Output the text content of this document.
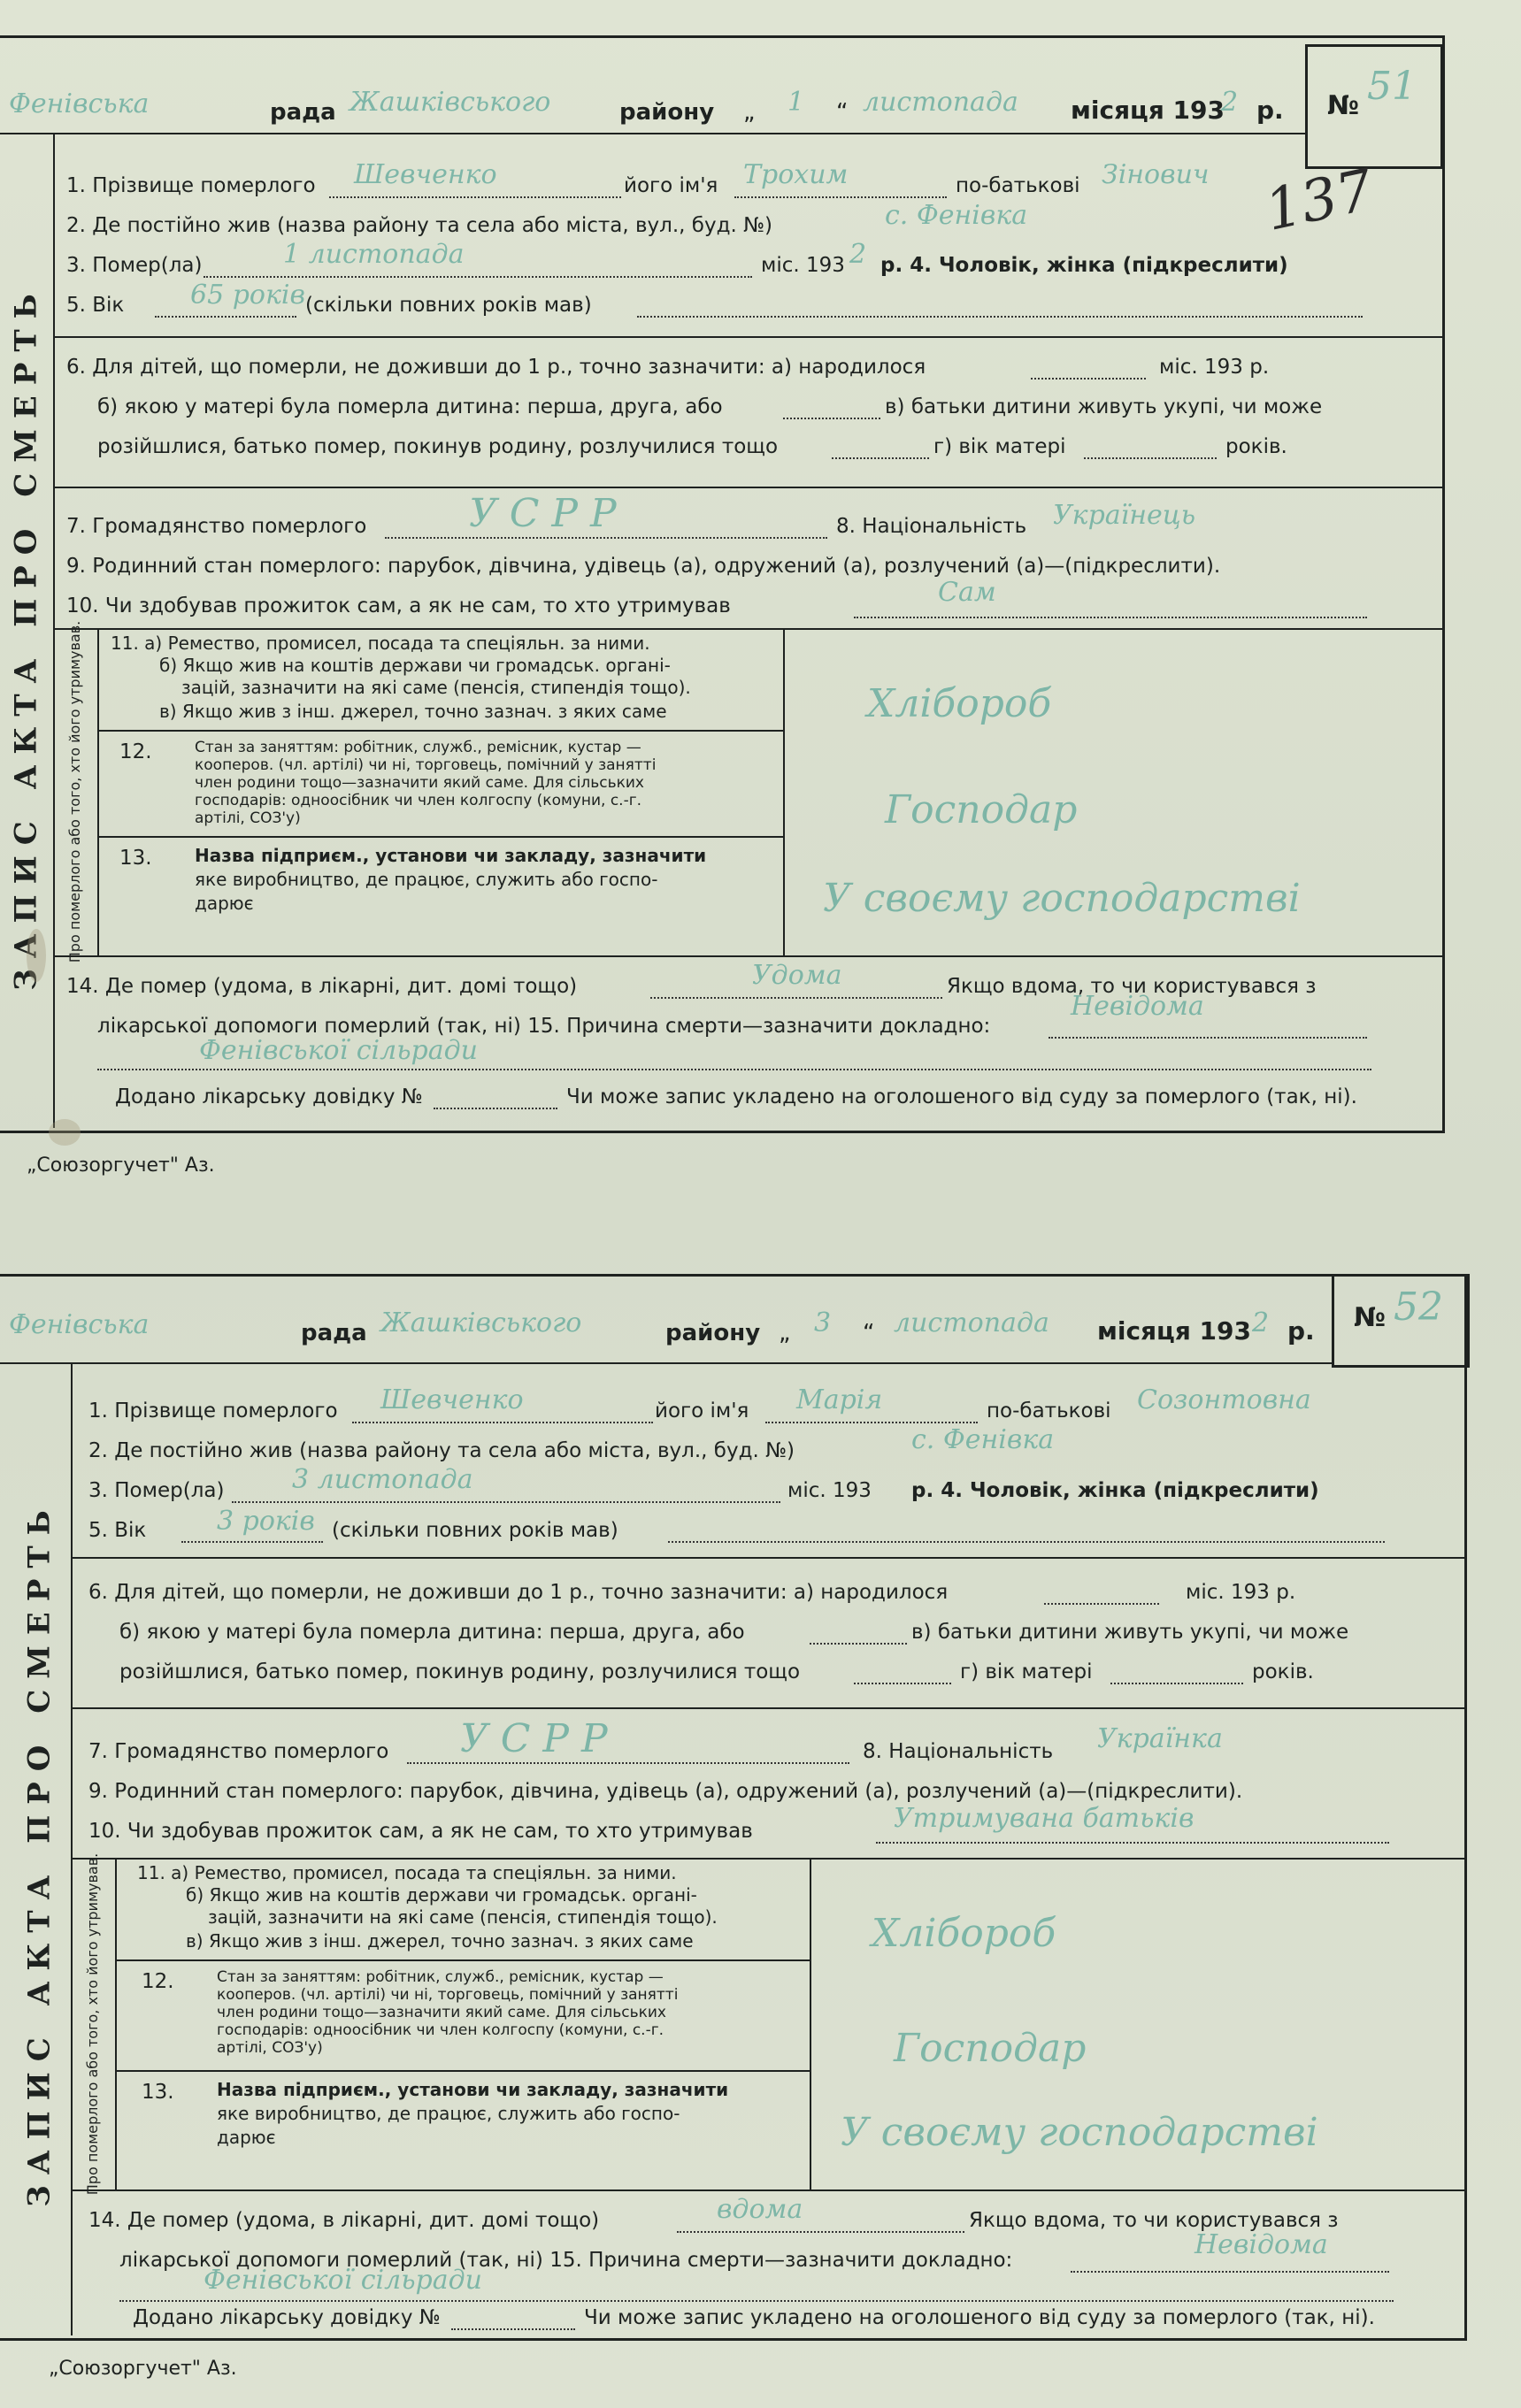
№ 51
137
Фенівська	рада Жашківського	району „ 1 “ листопада місяця 193
2 р.
ЗАПИС АКТА ПРО СМЕРТЬ
1. Прізвище померлого Шевченко	його ім'я Трохим	по-батькові Зінович
2. Де постійно жив (назва району та села або міста, вул., буд. №)	с. Фенівка
3. Помер(ла)	1 листопада	міс. 193 2 р. 4. Чоловік, жінка (підкреслити)
5. Вік 65 років (скільки повних років мав)
6. Для дітей, що померли, не доживши до 1 р., точно зазначити: а) народилося	міс. 193 р.
б) якою у матері була померла дитина: перша, друга, або	в) батьки дитини живуть укупі, чи може
розійшлися, батько помер, покинув родину, розлучилися тощо	г) вік матері	років.
7. Громадянство померлого	У С Р Р	8. Національність Українець
9. Родинний стан померлого: парубок, дівчина, удівець (а), одружений (а), розлучений (а)—(підкреслити).
10. Чи здобував прожиток сам, а як не сам, то хто утримував	Сам
Про померлого або того, хто його утримував. 11. а) Ремество, промисел, посада та спеціяльн. за ними.
б) Якщо жив на коштів держави чи громадськ. органі-
зацій, зазначити на які саме (пенсія, стипендія тощо).
в) Якщо жив з інш. джерел, точно зазнач. з яких саме	Хлібороб
12.	Стан за заняттям: робітник, служб., ремісник, кустар —
кооперов. (чл. артілі) чи ні, торговець, помічний у занятті
член родини тощо—зазначити який саме. Для сільських
господарів: одноосібник чи член колгоспу (комуни, с.-г.
артілі, СОЗ'у)	Господар
13. Назва підприєм., установи чи закладу, зазначити
яке виробництво, де працює, служить або госпо-
дарює	У своєму господарстві
14. Де помер (удома, в лікарні, дит. домі тощо)	Удома	Якщо вдома, то чи користувався з
лікарської допомоги померлий (так, ні) 15. Причина смерти—зазначити докладно:
Невідома
Фенівської сільради
Додано лікарську довідку №	Чи може запис укладено на оголошеного від суду за померлого (так, ні).
„Союзоргучет" Аз.
№ 52
Фенівська	рада Жашківського	району „ 3 “ листопада місяця 193 2 р.
ЗАПИС АКТА ПРО СМЕРТЬ
1. Прізвище померлого Шевченко	його ім'я Марія	по-батькові Созонтовна
2. Де постійно жив (назва району та села або міста, вул., буд. №)	с. Фенівка
3. Помер(ла)	3 листопада	міс. 193 р. 4. Чоловік, жінка (підкреслити)
5. Вік	3 років (скільки повних років мав)
6. Для дітей, що померли, не доживши до 1 р., точно зазначити: а) народилося	міс. 193 р.
б) якою у матері була померла дитина: перша, друга, або	в) батьки дитини живуть укупі, чи може
розійшлися, батько помер, покинув родину, розлучилися тощо	г) вік матері	років.
7. Громадянство померлого У С Р Р	8. Національність Українка
9. Родинний стан померлого: парубок, дівчина, удівець (а), одружений (а), розлучений (а)—(підкреслити).
10. Чи здобував прожиток сам, а як не сам, то хто утримував	Утримувана батьків
Про померлого або того, хто його утримував. 11. а) Ремество, промисел, посада та спеціяльн. за ними.
б) Якщо жив на коштів держави чи громадськ. органі-
зацій, зазначити на які саме (пенсія, стипендія тощо).
в) Якщо жив з інш. джерел, точно зазнач. з яких саме	Хлібороб
12.	Стан за заняттям: робітник, служб., ремісник, кустар —
кооперов. (чл. артілі) чи ні, торговець, помічний у занятті
член родини тощо—зазначити який саме. Для сільських
господарів: одноосібник чи член колгоспу (комуни, с.-г.
артілі, СОЗ'у)	Господар
13. Назва підприєм., установи чи закладу, зазначити
яке виробництво, де працює, служить або госпо-
дарює	У своєму господарстві
14. Де помер (удома, в лікарні, дит. домі тощо)	вдома	Якщо вдома, то чи користувався з
лікарської допомоги померлий (так, ні) 15. Причина смерти—зазначити докладно:	Невідома
Фенівської сільради
Додано лікарську довідку №	Чи може запис укладено на оголошеного від суду за померлого (так, ні).
„Союзоргучет" Аз.
